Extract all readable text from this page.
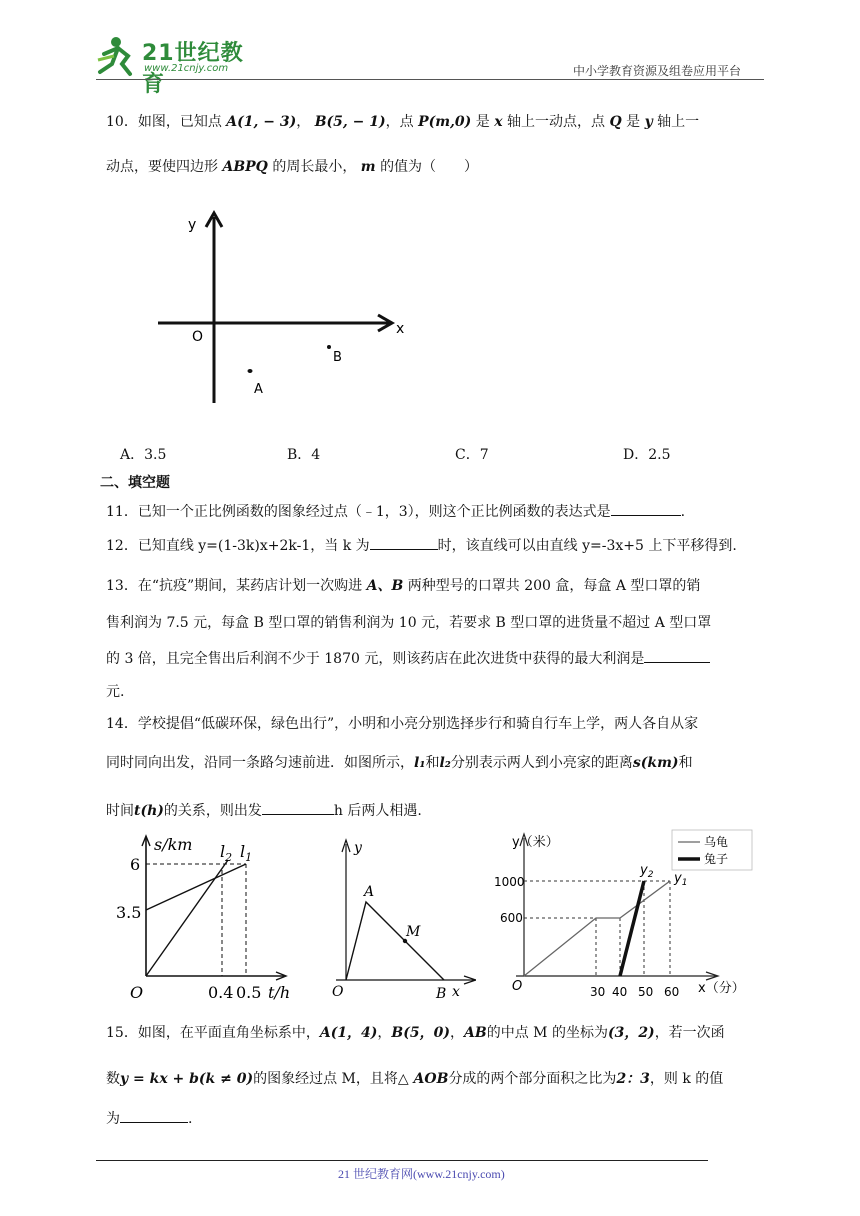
21世纪教育
www.21cnjy.com	中小学教育资源及组卷应用平台
10．如图，已知点 A(1, − 3)， B(5, − 1)，点 P(m,0) 是 x 轴上一动点，点 Q 是 y 轴上一
动点，要使四边形 ABPQ 的周长最小， m 的值为（　　）
y
x
O
B
A
A．3.5	B．4	C．7	D．2.5
二、填空题
11．已知一个正比例函数的图象经过点（﹣1，3），则这个正比例函数的表达式是	.
12．已知直线 y=(1-3k)x+2k-1，当 k 为	时，该直线可以由直线 y=-3x+5 上下平移得到.
13．在“抗疫”期间，某药店计划一次购进 A、B 两种型号的口罩共 200 盒，每盒 A 型口罩的销
售利润为 7.5 元，每盒 B 型口罩的销售利润为 10 元，若要求 B 型口罩的进货量不超过 A 型口罩
的 3 倍，且完全售出后利润不少于 1870 元，则该药店在此次进货中获得的最大利润是
元.
14．学校提倡“低碳环保，绿色出行”，小明和小亮分别选择步行和骑自行车上学，两人各自从家
同时同向出发，沿同一条路匀速前进．如图所示，l₁和l₂分别表示两人到小亮家的距离s(km)和
时间t(h)的关系，则出发	h 后两人相遇.
s/km
t/h
O
6
3.5
0.4 0.5
$l_2$ $l_1$
y
x
O
A
B
M
y（米）
x（分）
O
1000
600
30 40 50 60
$y_2$ $y_1$
乌龟
兔子
15．如图，在平面直角坐标系中，A(1，4)，B(5，0)，AB的中点 M 的坐标为(3，2)，若一次函
数y = kx + b(k ≠ 0)的图象经过点 M，且将△ AOB分成的两个部分面积之比为2：3，则 k 的值
为	.
21 世纪教育网(www.21cnjy.com)
